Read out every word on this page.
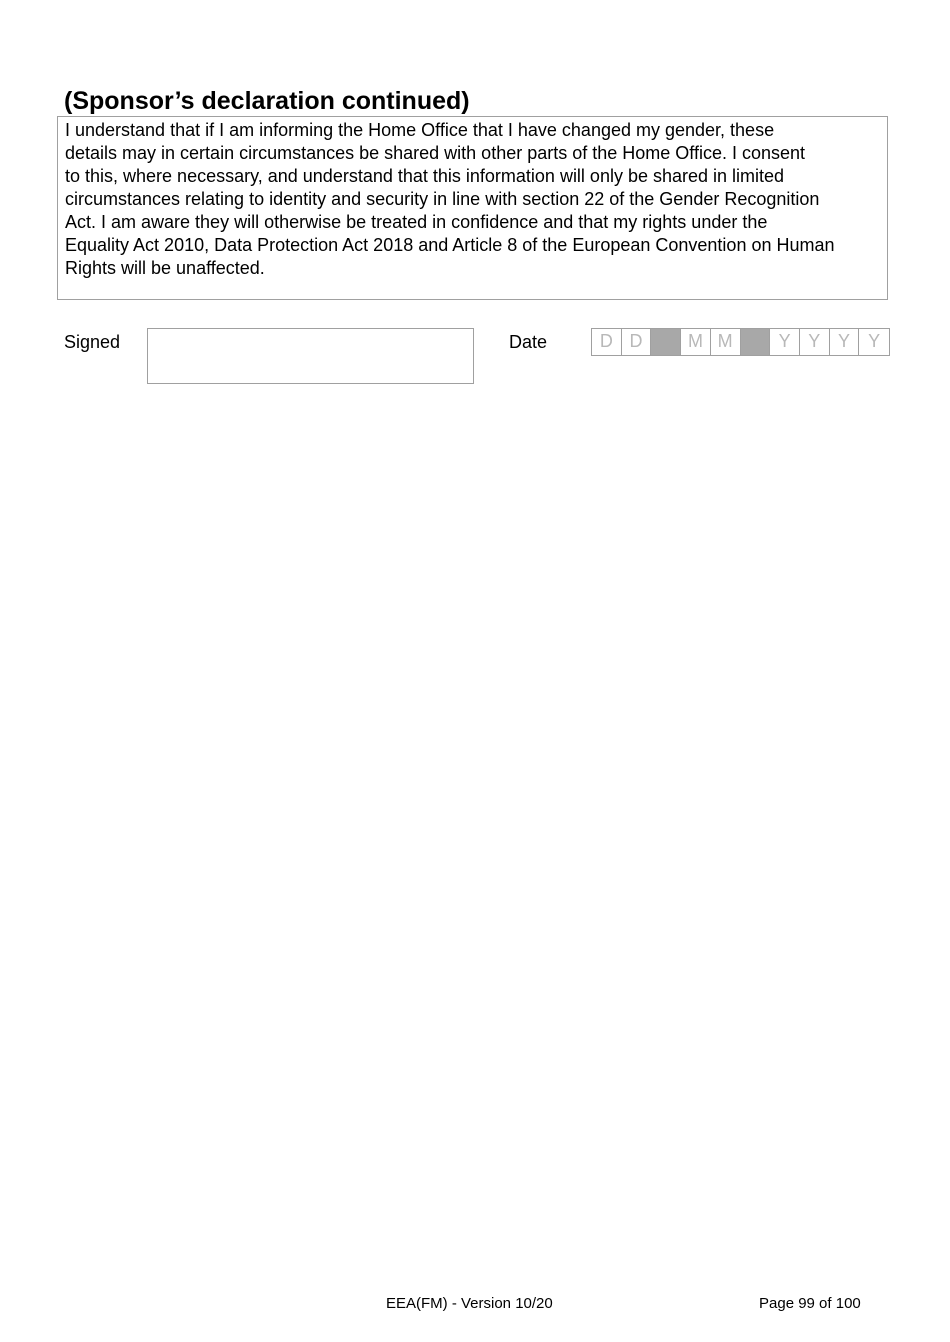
(Sponsor’s declaration continued)
I understand that if I am informing the Home Office that I have changed my gender, these
details may in certain circumstances be shared with other parts of the Home Office. I consent
to this, where necessary, and understand that this information will only be shared in limited
circumstances relating to identity and security in line with section 22 of the Gender Recognition
Act. I am aware they will otherwise be treated in confidence and that my rights under the
Equality Act 2010, Data Protection Act 2018 and Article 8 of the European Convention on Human
Rights will be unaffected.
Signed	Date	D D	M M	Y Y Y	Y
EEA(FM) - Version 10/20	Page 99 of 100
